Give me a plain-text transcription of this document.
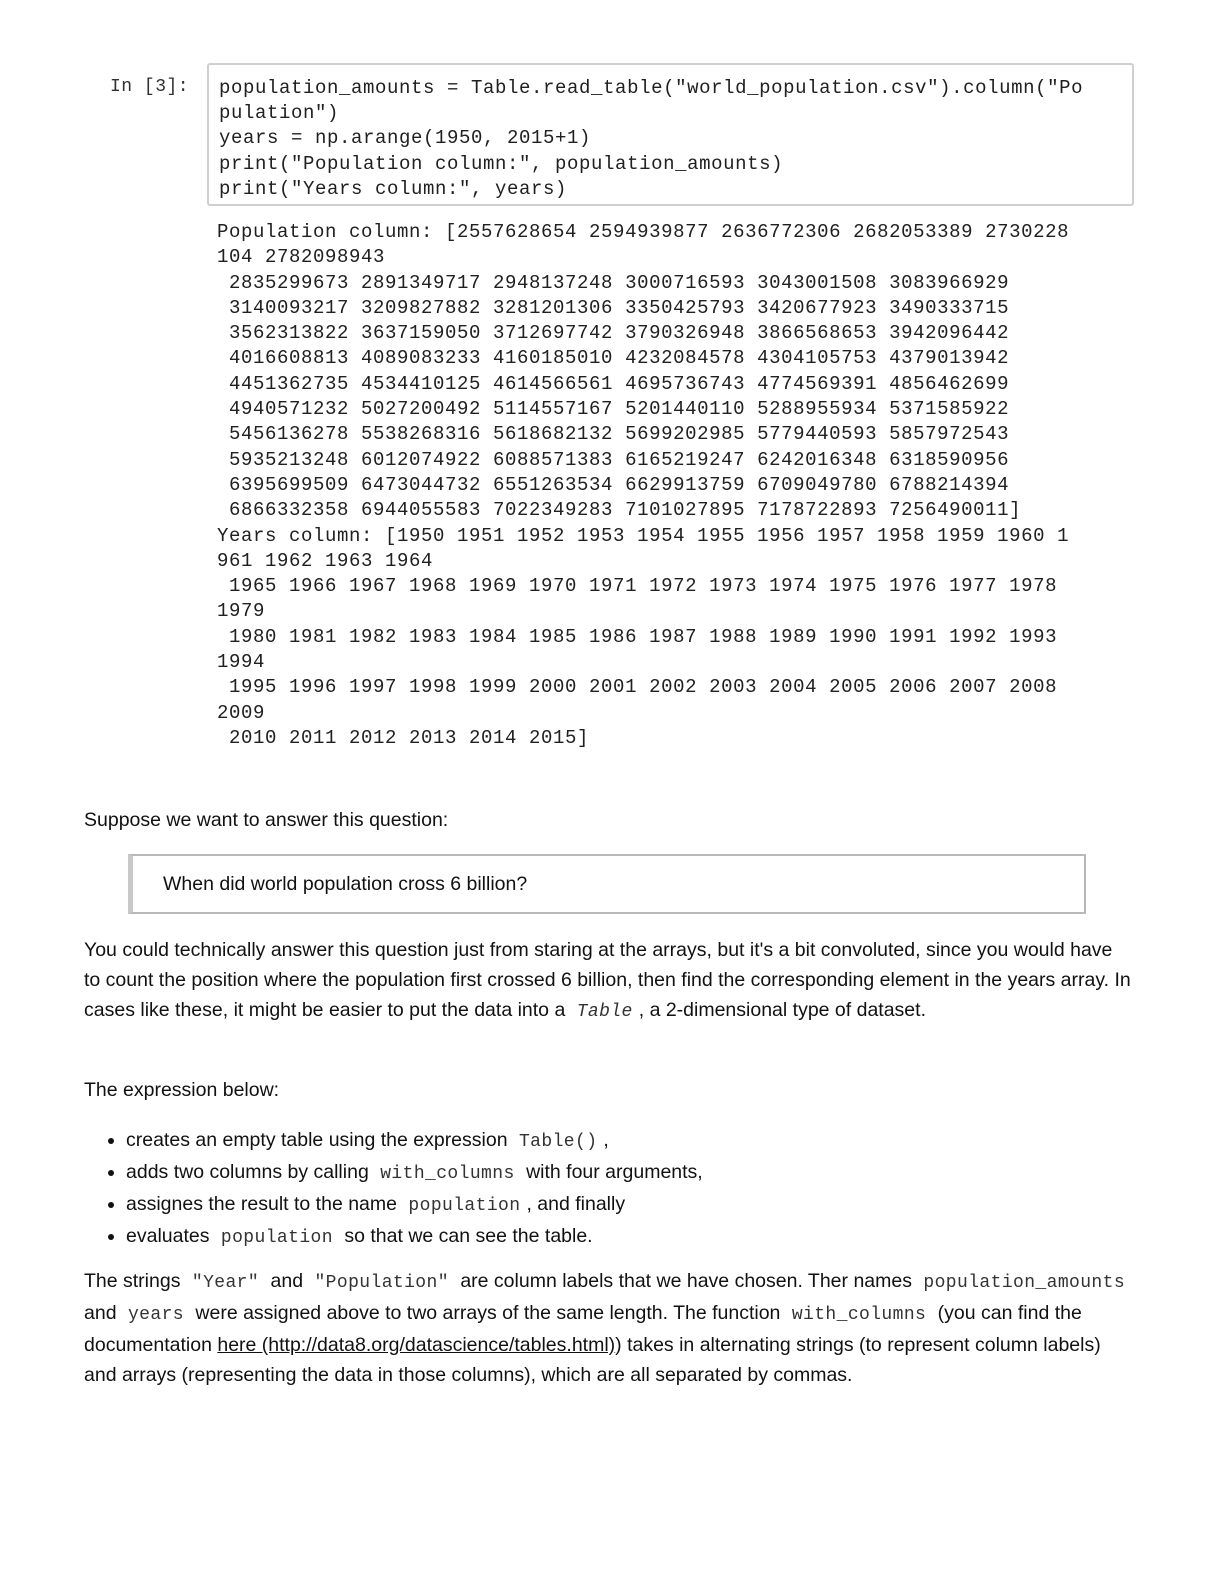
In [3]: population_amounts = Table.read_table("world_population.csv").column("Po
pulation")
years = np.arange(1950, 2015+1)
print("Population column:", population_amounts)
print("Years column:", years)
Population column: [2557628654 2594939877 2636772306 2682053389 2730228
104 2782098943
2835299673 2891349717 2948137248 3000716593 3043001508 3083966929
3140093217 3209827882 3281201306 3350425793 3420677923 3490333715
3562313822 3637159050 3712697742 3790326948 3866568653 3942096442
4016608813 4089083233 4160185010 4232084578 4304105753 4379013942
4451362735 4534410125 4614566561 4695736743 4774569391 4856462699
4940571232 5027200492 5114557167 5201440110 5288955934 5371585922
5456136278 5538268316 5618682132 5699202985 5779440593 5857972543
5935213248 6012074922 6088571383 6165219247 6242016348 6318590956
6395699509 6473044732 6551263534 6629913759 6709049780 6788214394
6866332358 6944055583 7022349283 7101027895 7178722893 7256490011]
Years column: [1950 1951 1952 1953 1954 1955 1956 1957 1958 1959 1960 1
961 1962 1963 1964
1965 1966 1967 1968 1969 1970 1971 1972 1973 1974 1975 1976 1977 1978
1979
1980 1981 1982 1983 1984 1985 1986 1987 1988 1989 1990 1991 1992 1993
1994
1995 1996 1997 1998 1999 2000 2001 2002 2003 2004 2005 2006 2007 2008
2009
2010 2011 2012 2013 2014 2015]
Suppose we want to answer this question:
When did world population cross 6 billion?
You could technically answer this question just from staring at the arrays, but it's a bit convoluted, since you would have to count the position where the population first crossed 6 billion, then find the corresponding element in the years array. In cases like these, it might be easier to put the data into a Table , a 2-dimensional type of dataset.
The expression below:
• creates an empty table using the expression Table() ,
• adds two columns by calling with_columns with four arguments,
• assignes the result to the name population , and finally
• evaluates population so that we can see the table.
The strings "Year" and "Population" are column labels that we have chosen. Ther names population_amounts and years were assigned above to two arrays of the same length. The function with_columns (you can find the documentation here (http://data8.org/datascience/tables.html)) takes in alternating strings (to represent column labels) and arrays (representing the data in those columns), which are all separated by commas.
